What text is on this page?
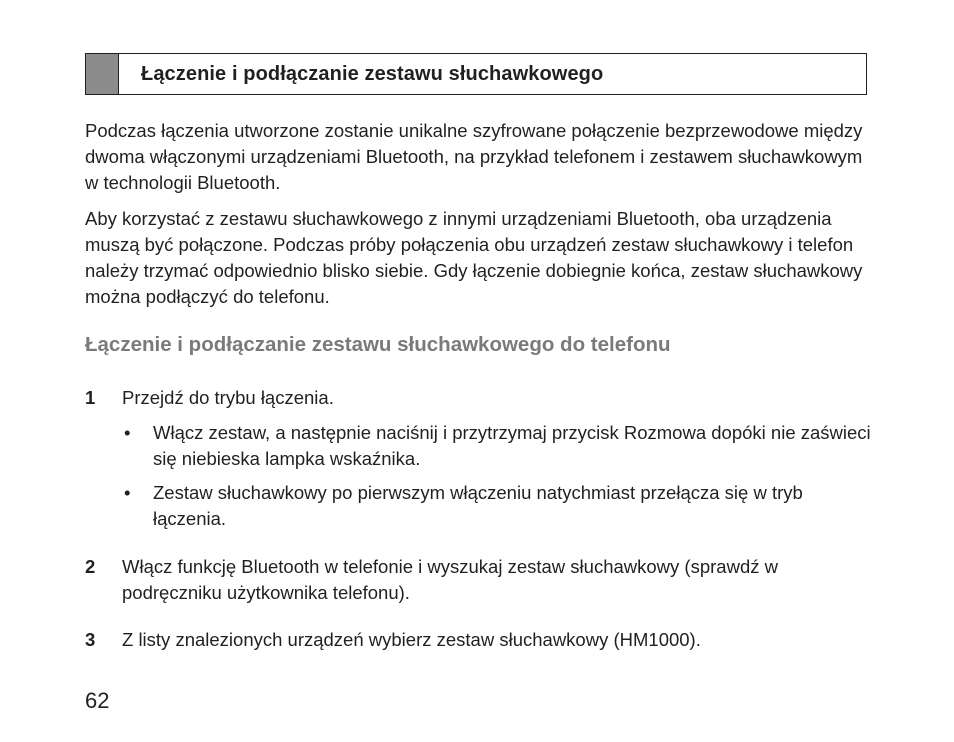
Łączenie i podłączanie zestawu słuchawkowego

Podczas łączenia utworzone zostanie unikalne szyfrowane połączenie bezprzewodowe między dwoma włączonymi urządzeniami Bluetooth, na przykład telefonem i zestawem słuchawkowym w technologii Bluetooth.

Aby korzystać z zestawu słuchawkowego z innymi urządzeniami Bluetooth, oba urządzenia muszą być połączone. Podczas próby połączenia obu urządzeń zestaw słuchawkowy i telefon należy trzymać odpowiednio blisko siebie. Gdy łączenie dobiegnie końca, zestaw słuchawkowy można podłączyć do telefonu.

Łączenie i podłączanie zestawu słuchawkowego do telefonu
1	Przejdź do trybu łączenia.
• Włącz zestaw, a następnie naciśnij i przytrzymaj przycisk Rozmowa dopóki nie zaświeci się niebieska lampka wskaźnika.
• Zestaw słuchawkowy po pierwszym włączeniu natychmiast przełącza się w tryb łączenia.
2	Włącz funkcję Bluetooth w telefonie i wyszukaj zestaw słuchawkowy (sprawdź w podręczniku użytkownika telefonu).
3	Z listy znalezionych urządzeń wybierz zestaw słuchawkowy (HM1000).
62
